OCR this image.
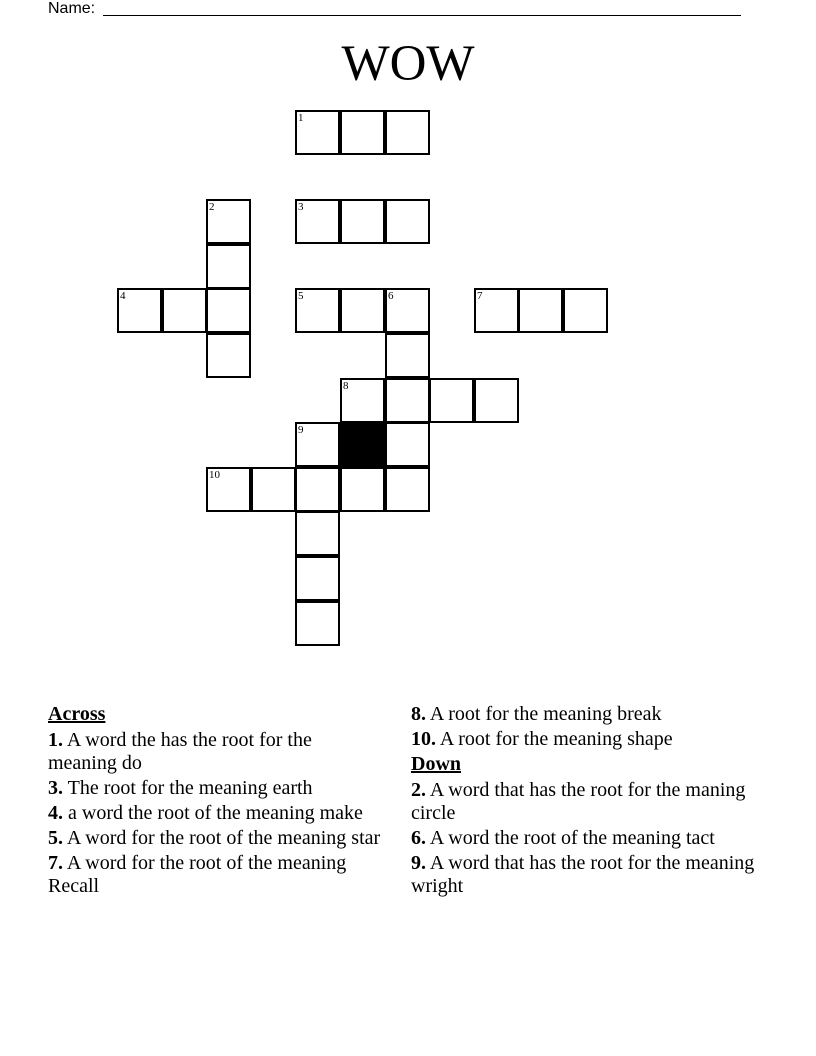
Name:
WOW
1
2	3
4	5	6	7
8
9
10
Across
1. A word the has the root for the meaning do
3. The root for the meaning earth
4. a word the root of the meaning make
5. A word for the root of the meaning star
7. A word for the root of the meaning Recall
8. A root for the meaning break
10. A root for the meaning shape
Down
2. A word that has the root for the maning circle
6. A word the root of the meaning tact
9. A word that has the root for the meaning wright
